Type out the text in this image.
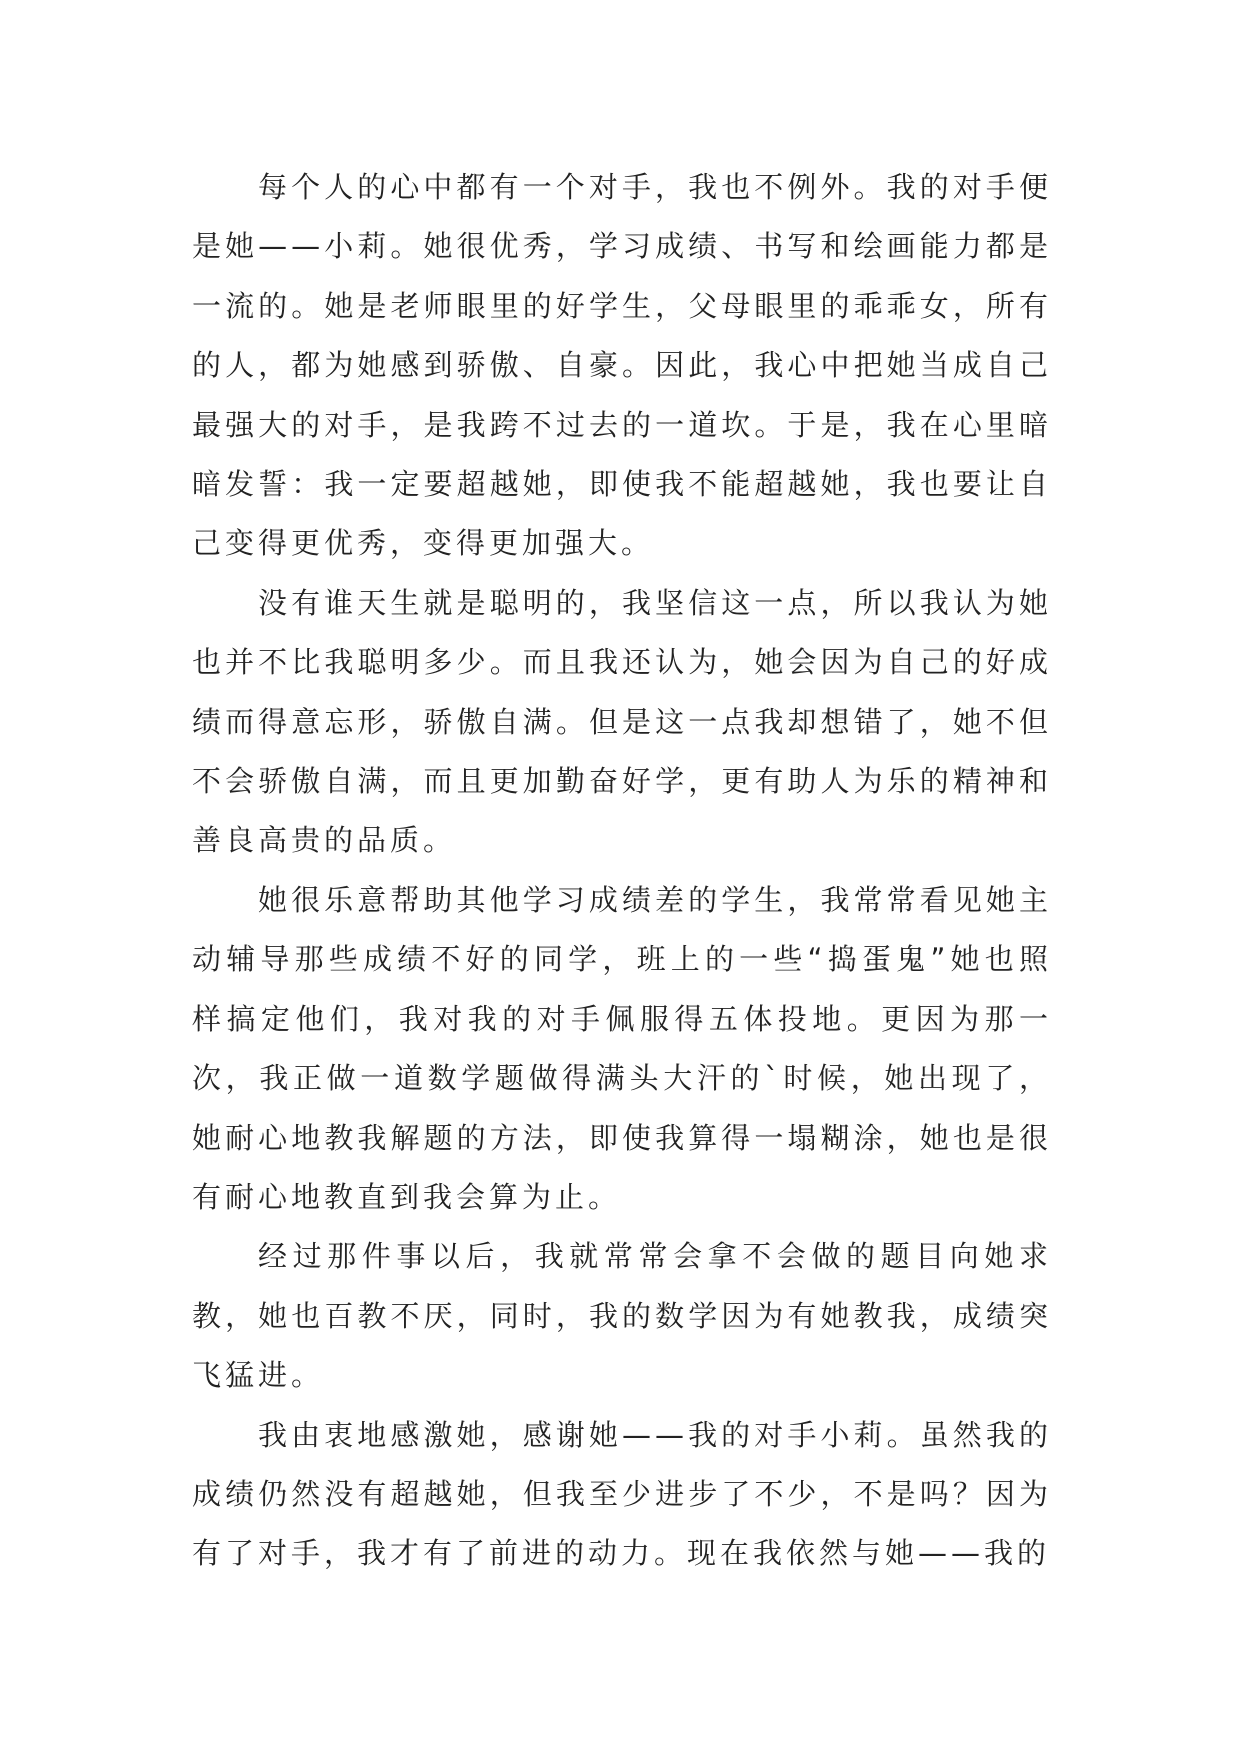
每个人的心中都有一个对手，我也不例外。我的对手便是她——小莉。她很优秀，学习成绩、书写和绘画能力都是一流的。她是老师眼里的好学生，父母眼里的乖乖女，所有的人，都为她感到骄傲、自豪。因此，我心中把她当成自己最强大的对手，是我跨不过去的一道坎。于是，我在心里暗暗发誓：我一定要超越她，即使我不能超越她，我也要让自己变得更优秀，变得更加强大。

没有谁天生就是聪明的，我坚信这一点，所以我认为她也并不比我聪明多少。而且我还认为，她会因为自己的好成绩而得意忘形，骄傲自满。但是这一点我却想错了，她不但不会骄傲自满，而且更加勤奋好学，更有助人为乐的精神和善良高贵的品质。

她很乐意帮助其他学习成绩差的学生，我常常看见她主动辅导那些成绩不好的同学，班上的一些“捣蛋鬼”她也照样搞定他们，我对我的对手佩服得五体投地。更因为那一次，我正做一道数学题做得满头大汗的`时候，她出现了，她耐心地教我解题的方法，即使我算得一塌糊涂，她也是很有耐心地教直到我会算为止。

经过那件事以后，我就常常会拿不会做的题目向她求教，她也百教不厌，同时，我的数学因为有她教我，成绩突飞猛进。

我由衷地感激她，感谢她——我的对手小莉。虽然我的成绩仍然没有超越她，但我至少进步了不少，不是吗？因为有了对手，我才有了前进的动力。现在我依然与她——我的
